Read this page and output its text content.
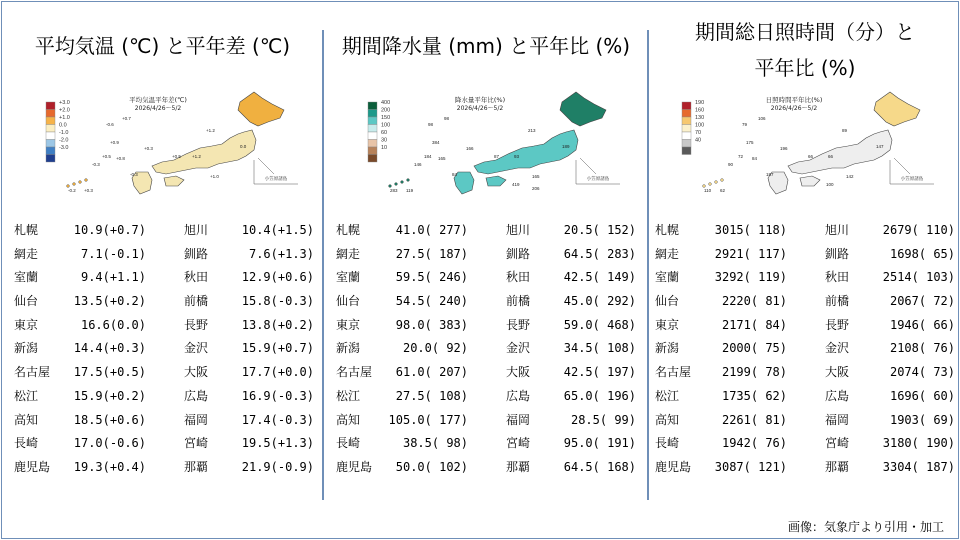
平均気温 (℃) と平年差 (℃)
+3.0
+2.0
+1.0
0.0
-1.0
-2.0
-3.0
平均気温平年差(℃)
2026/4/26～5/2
小笠原諸島
-0.6
+0.7
+0.5 +0.8
-0.3
+1.2
-0.2 +0.3
+1.2
+1.0
-0.3
0.0
+0.9
+0.3
+0.5
札幌	10.9(+0.7)	旭川	10.4(+1.5)
網走	7.1(-0.1)	釧路	7.6(+1.3)
室蘭	9.4(+1.1)	秋田	12.9(+0.6)
仙台	13.5(+0.2)	前橋	15.8(-0.3)
東京	16.6(0.0)	長野	13.8(+0.2)
新潟	14.4(+0.3)	金沢	15.9(+0.7)
名古屋 17.5(+0.5)	大阪	17.7(+0.0)
松江	15.9(+0.2)	広島	16.9(-0.3)
高知	18.5(+0.6)	福岡	17.4(-0.3)
長崎	17.0(-0.6)	宮崎	19.5(+1.3)
鹿児島 19.3(+0.4)	那覇	21.9(-0.9)
期間降水量 (mm) と平年比 (%)
400
200
150
100
60
30
10
降水量平年比(%)
2026/4/26～5/2
小笠原諸島
98
98
184 165
146
213
283 119
93
165
84
189
384
166
87
419
206
札幌	41.0( 277)	旭川	20.5( 152)
網走	27.5( 187)	釧路	64.5( 283)
室蘭	59.5( 246)	秋田	42.5( 149)
仙台	54.5( 240)	前橋	45.0( 292)
東京	98.0( 383)	長野	59.0( 468)
新潟	20.0( 92)	金沢	34.5( 108)
名古屋 61.0( 207)	大阪	42.5( 197)
松江	27.5( 108)	広島	65.0( 196)
高知 105.0( 177)	福岡	28.5( 99)
長崎	38.5( 98)	宮崎	95.0( 191)
鹿児島 50.0( 102)	那覇	64.5( 168)
期間総日照時間（分）と
平年比 (%)
190
160
130
100
70
40
日照時間平年比(%)
2026/4/26～5/2
小笠原諸島
79
106
72 84
90
89
110 62
66
142
187
147
175
196
66
100
札幌	3015( 118)	旭川	2679( 110)
網走	2921( 117)	釧路	1698( 65)
室蘭	3292( 119)	秋田	2514( 103)
仙台	2220( 81)	前橋	2067( 72)
東京	2171( 84)	長野	1946( 66)
新潟	2000( 75)	金沢	2108( 76)
名古屋	2199( 78)	大阪	2074( 73)
松江	1735( 62)	広島	1696( 60)
高知	2261( 81)	福岡	1903( 69)
長崎	1942( 76)	宮崎	3180( 190)
鹿児島 3087( 121)	那覇	3304( 187)
画像：気象庁より引用・加工
